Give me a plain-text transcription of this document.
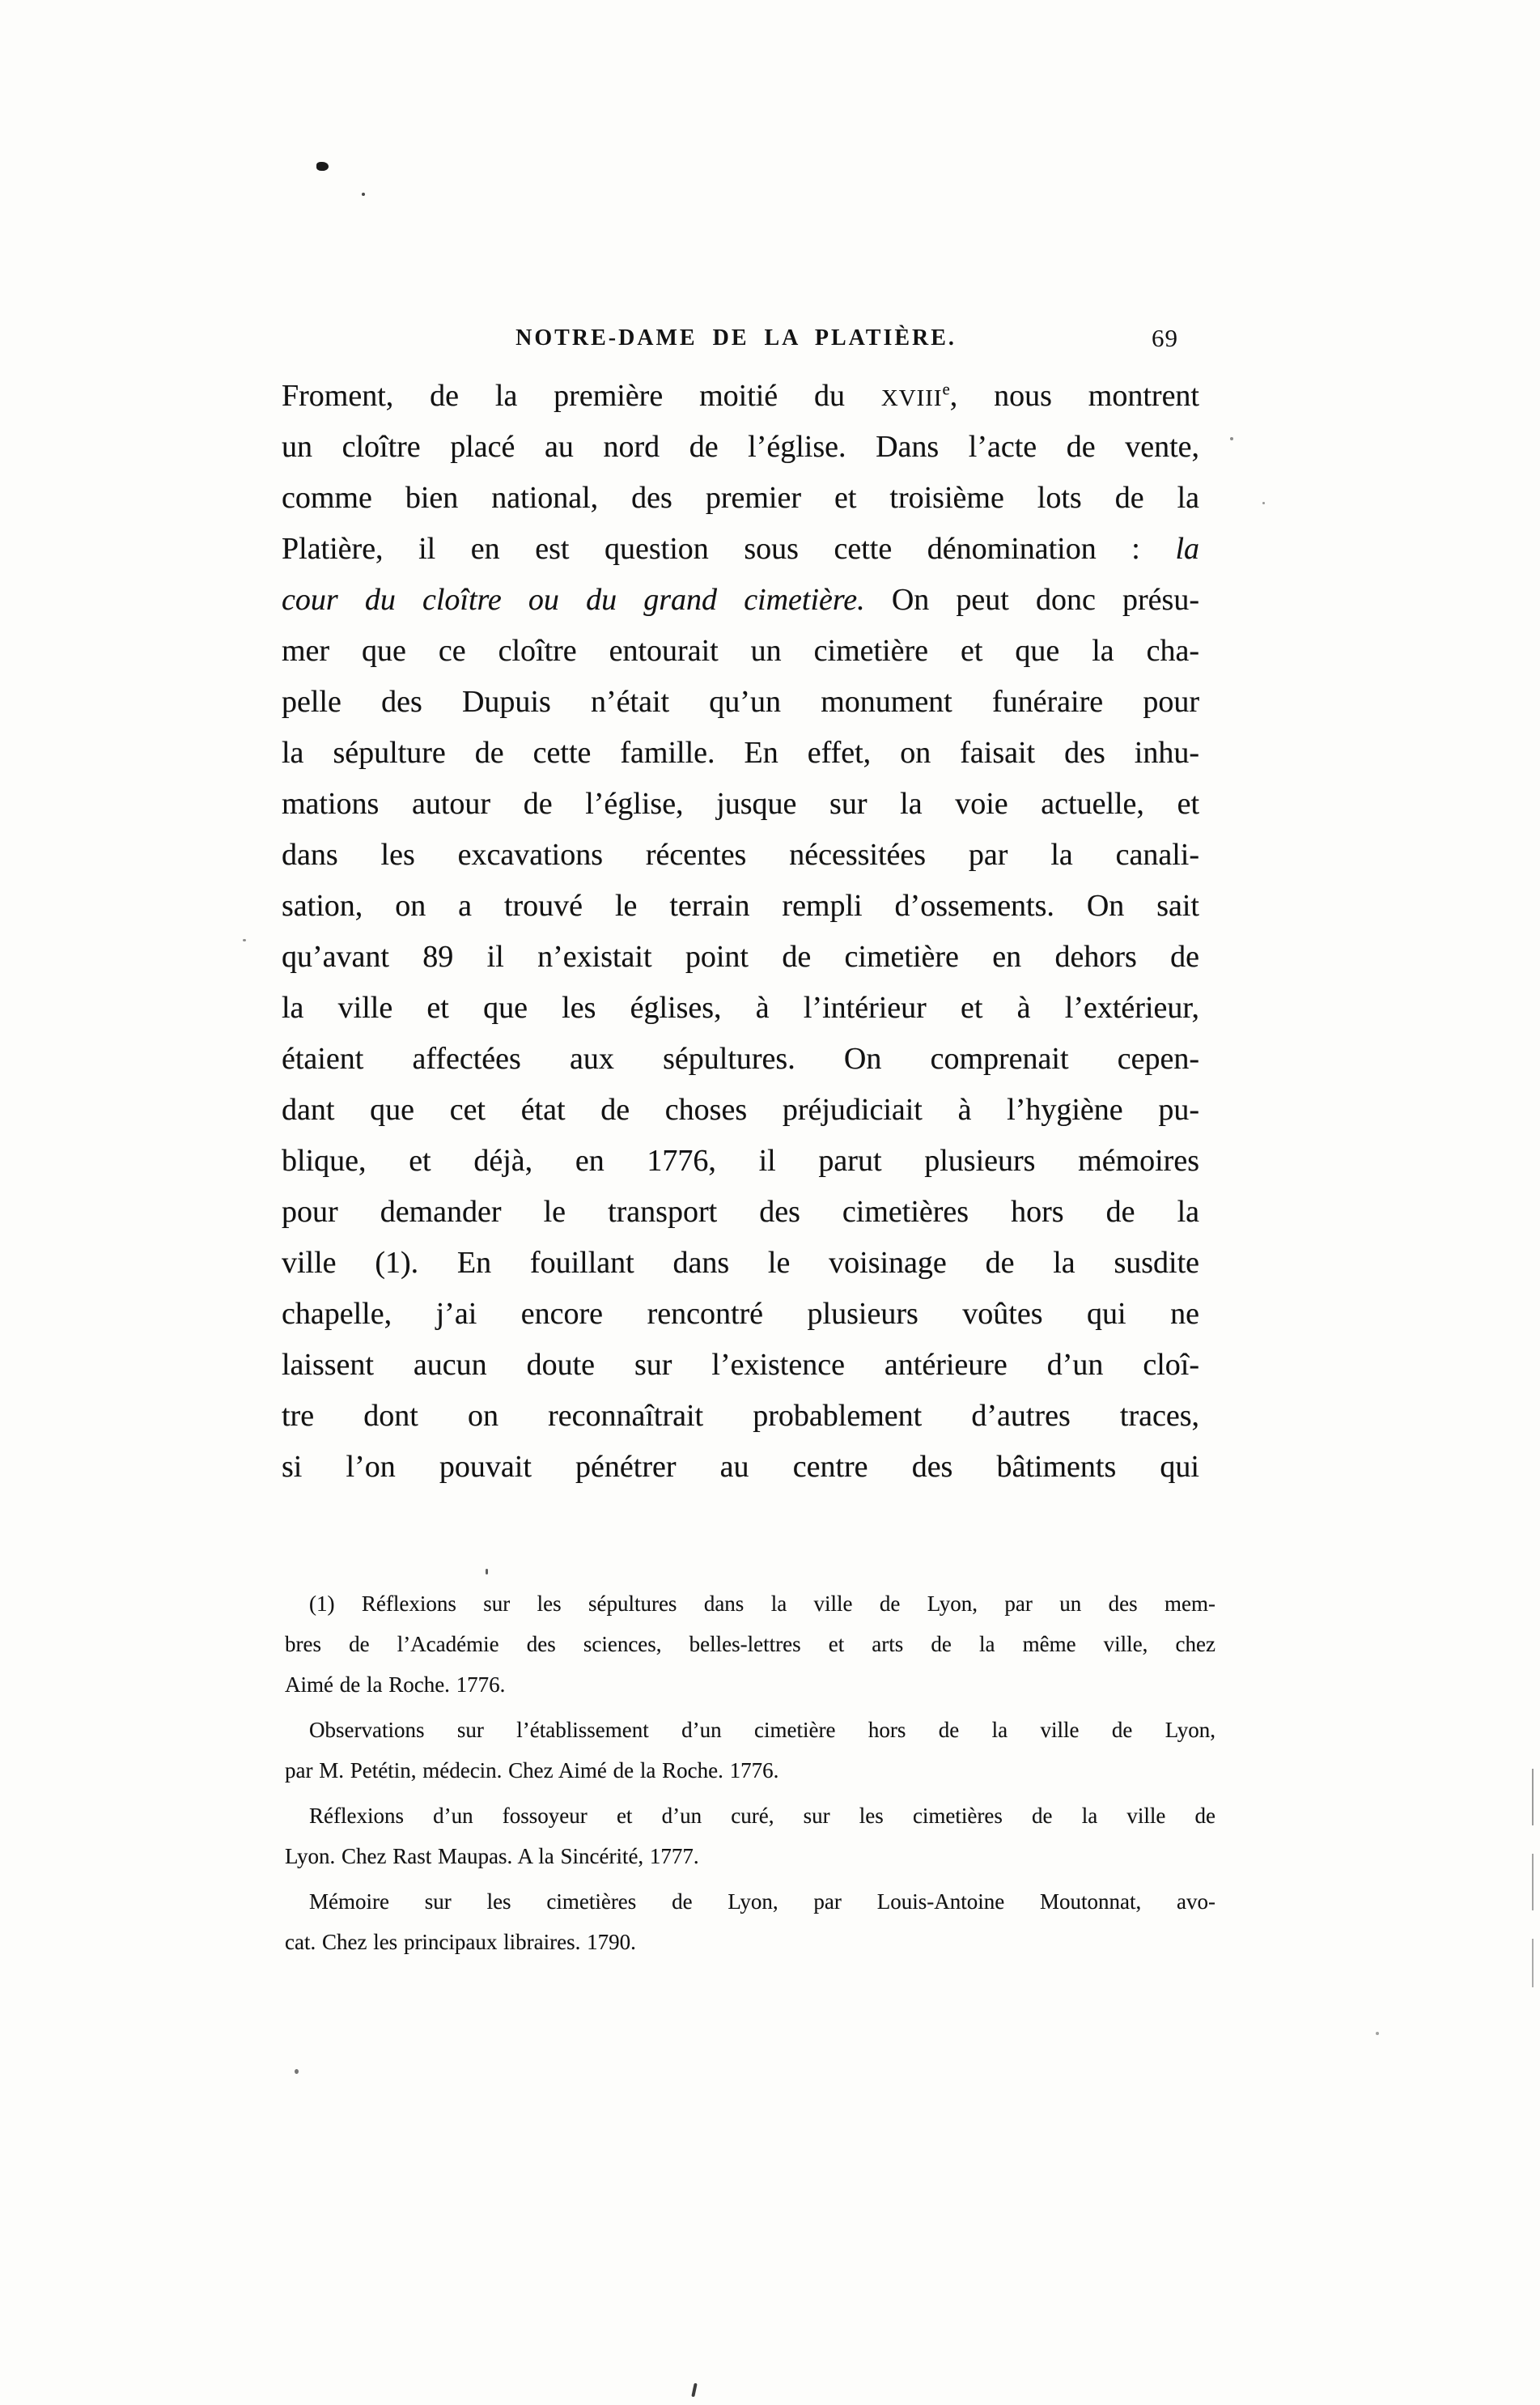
NOTRE-DAME DE LA PLATIÈRE.	69
Froment, de la première moitié du XVIIIe, nous montrent
un cloître placé au nord de l’église. Dans l’acte de vente,
comme bien national, des premier et troisième lots de la
Platière, il en est question sous cette dénomination : la
cour du cloître ou du grand cimetière. On peut donc présu-
mer que ce cloître entourait un cimetière et que la cha-
pelle des Dupuis n’était qu’un monument funéraire pour
la sépulture de cette famille. En effet, on faisait des inhu-
mations autour de l’église, jusque sur la voie actuelle, et
dans les excavations récentes nécessitées par la canali-
sation, on a trouvé le terrain rempli d’ossements. On sait
qu’avant 89 il n’existait point de cimetière en dehors de
la ville et que les églises, à l’intérieur et à l’extérieur,
étaient affectées aux sépultures. On comprenait cepen-
dant que cet état de choses préjudiciait à l’hygiène pu-
blique, et déjà, en 1776, il parut plusieurs mémoires
pour demander le transport des cimetières hors de la
ville (1). En fouillant dans le voisinage de la susdite
chapelle, j’ai encore rencontré plusieurs voûtes qui ne
laissent aucun doute sur l’existence antérieure d’un cloî-
tre dont on reconnaîtrait probablement d’autres traces,
si l’on pouvait pénétrer au centre des bâtiments qui
(1) Réflexions sur les sépultures dans la ville de Lyon, par un des mem-
bres de l’Académie des sciences, belles-lettres et arts de la même ville, chez
Aimé de la Roche. 1776.
Observations sur l’établissement d’un cimetière hors de la ville de Lyon,
par M. Petétin, médecin. Chez Aimé de la Roche. 1776.
Réflexions d’un fossoyeur et d’un curé, sur les cimetières de la ville de
Lyon. Chez Rast Maupas. A la Sincérité, 1777.
Mémoire sur les cimetières de Lyon, par Louis-Antoine Moutonnat, avo-
cat. Chez les principaux libraires. 1790.
